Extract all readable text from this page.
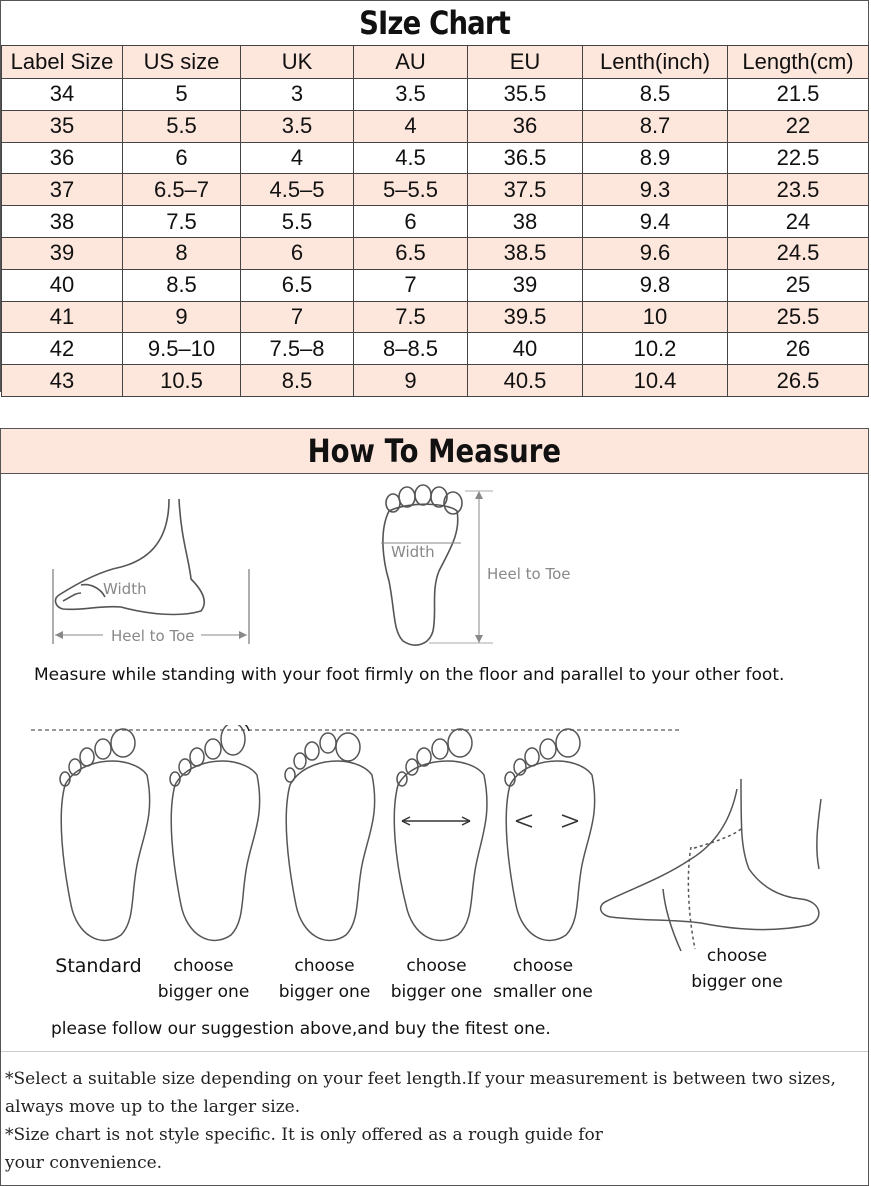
SIze Chart
Label Size	US size	UK	AU	EU	Lenth(inch)	Length(cm)
34	5	3	3.5	35.5	8.5	21.5
35	5.5	3.5	4	36	8.7	22
36	6	4	4.5	36.5	8.9	22.5
37	6.5–7	4.5–5	5–5.5	37.5	9.3	23.5
38	7.5	5.5	6	38	9.4	24
39	8	6	6.5	38.5	9.6	24.5
40	8.5	6.5	7	39	9.8	25
41	9	7	7.5	39.5	10	25.5
42	9.5–10	7.5–8	8–8.5	40	10.2	26
43	10.5	8.5	9	40.5	10.4	26.5
How To Measure
Width
Heel to Toe
Width
Heel to Toe
Measure while standing with your foot firmly on the floor and parallel to your other foot.
Standard	choose
bigger one
choose
bigger one
choose
bigger one
choose
smaller one
choose
bigger one
please follow our suggestion above,and buy the fitest one.
*Select a suitable size depending on your feet length.If your measurement is between two sizes,
always move up to the larger size.
*Size chart is not style specific. It is only offered as a rough guide for
your convenience.
